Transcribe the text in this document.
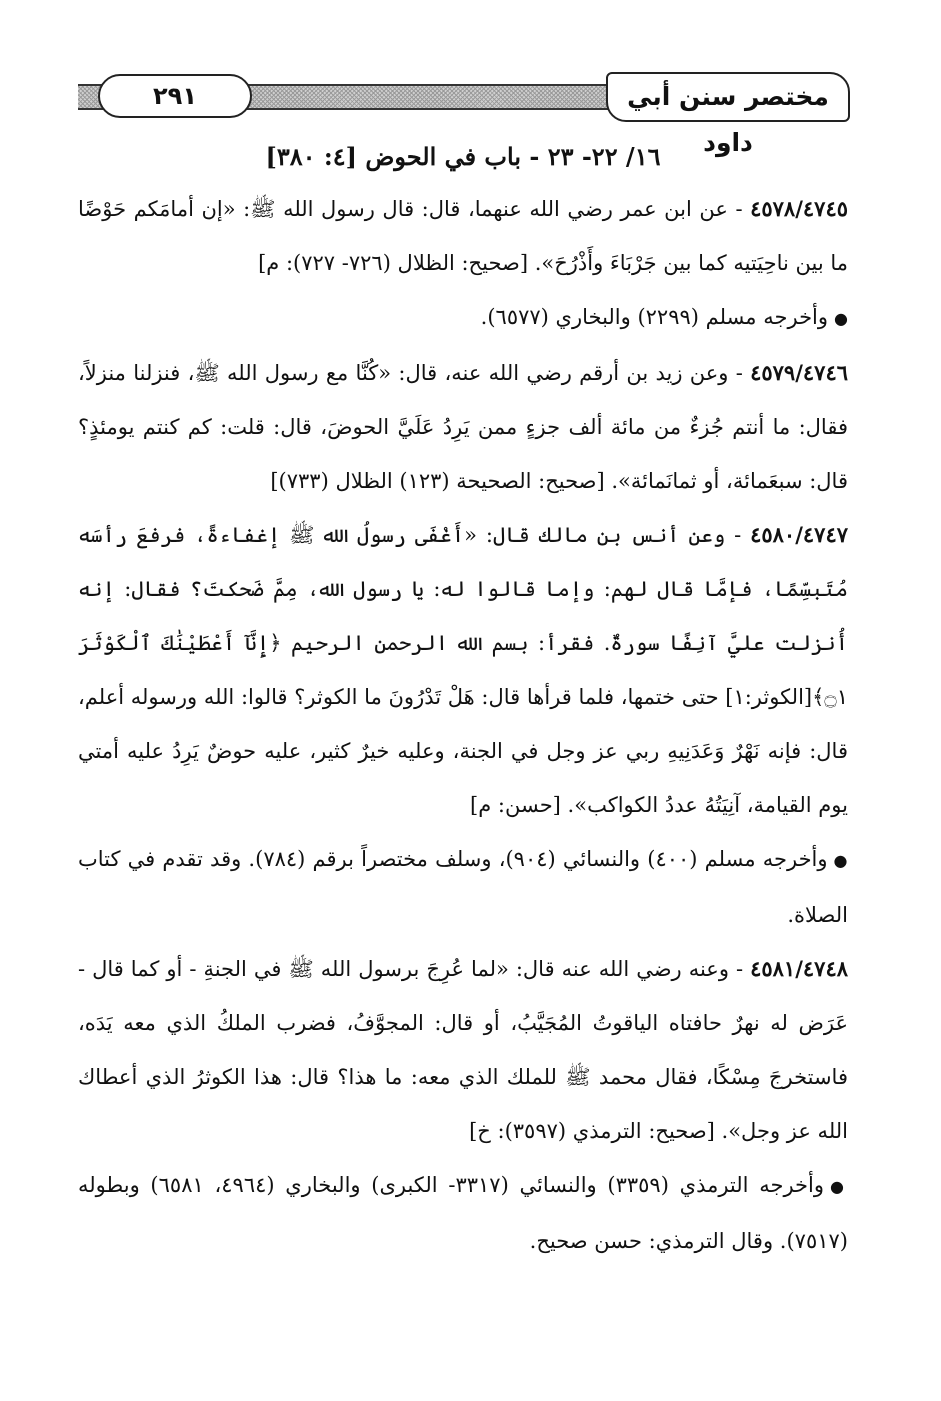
٢٩١	مختصر سنن أبي داود

١٦/ ٢٢- ٢٣ - باب في الحوض [٤: ٣٨٠]

٤٥٧٨/٤٧٤٥ - عن ابن عمر رضي الله عنهما، قال: قال رسول الله ﷺ: «إن أمامَكم حَوْضًا ما بين ناحِيَتيه كما بين جَرْبَاءَ وأَذْرُحَ». [صحيح: الظلال (٧٢٦- ٧٢٧): م]

●وأخرجه مسلم (٢٢٩٩) والبخاري (٦٥٧٧).

٤٥٧٩/٤٧٤٦ - وعن زيد بن أرقم رضي الله عنه، قال: «كُنَّا مع رسول الله ﷺ، فنزلنا منزلاً، فقال: ما أنتم جُزءٌ من مائة ألف جزءٍ ممن يَرِدُ عَلَيَّ الحوضَ، قال: قلت: كم كنتم يومئذٍ؟ قال: سبعَمائة، أو ثمانَمائة». [صحيح: الصحيحة (١٢٣) الظلال (٧٣٣)]

٤٥٨٠/٤٧٤٧ - وعن أنس بن مالك قال: «أَغْفَى رسولُ الله ﷺ إغفاءةً، فرفعَ رأسَه مُتَبسِّمًا، فإمَّا قال لهم: وإما قالوا له: يا رسول الله، مِمَّ ضَحكتَ؟ فقال: إنه أُنزلت عليَّ آنِفًا سورةٌ. فقرأ: بسم الله الرحمن الرحيم ﴿إِنَّآ أَعْطَيْنَٰكَ ٱلْكَوْثَرَ ۝١﴾[الكوثر:١] حتى ختمها، فلما قرأها قال: هَلْ تَدْرُونَ ما الكوثر؟ قالوا: الله ورسوله أعلم، قال: فإنه نَهْرٌ وَعَدَنِيهِ ربي عز وجل في الجنة، وعليه خيرٌ كثير، عليه حوضٌ يَرِدُ عليه أمتي يوم القيامة، آنِيَتُهُ عددُ الكواكب». [حسن: م]

●وأخرجه مسلم (٤٠٠) والنسائي (٩٠٤)، وسلف مختصراً برقم (٧٨٤). وقد تقدم في كتاب الصلاة.

٤٥٨١/٤٧٤٨ - وعنه رضي الله عنه قال: «لما عُرِجَ برسول الله ﷺ في الجنةِ - أو كما قال - عَرَض له نهرٌ حافتاه الياقوتُ المُجَيَّبُ، أو قال: المجوَّفُ، فضرب الملكُ الذي معه يَدَه، فاستخرجَ مِسْكًا، فقال محمد ﷺ للملك الذي معه: ما هذا؟ قال: هذا الكوثرُ الذي أعطاك الله عز وجل». [صحيح: الترمذي (٣٥٩٧): خ]

●وأخرجه الترمذي (٣٣٥٩) والنسائي (٣٣١٧- الكبرى) والبخاري (٤٩٦٤، ٦٥٨١) وبطوله (٧٥١٧). وقال الترمذي: حسن صحيح.
